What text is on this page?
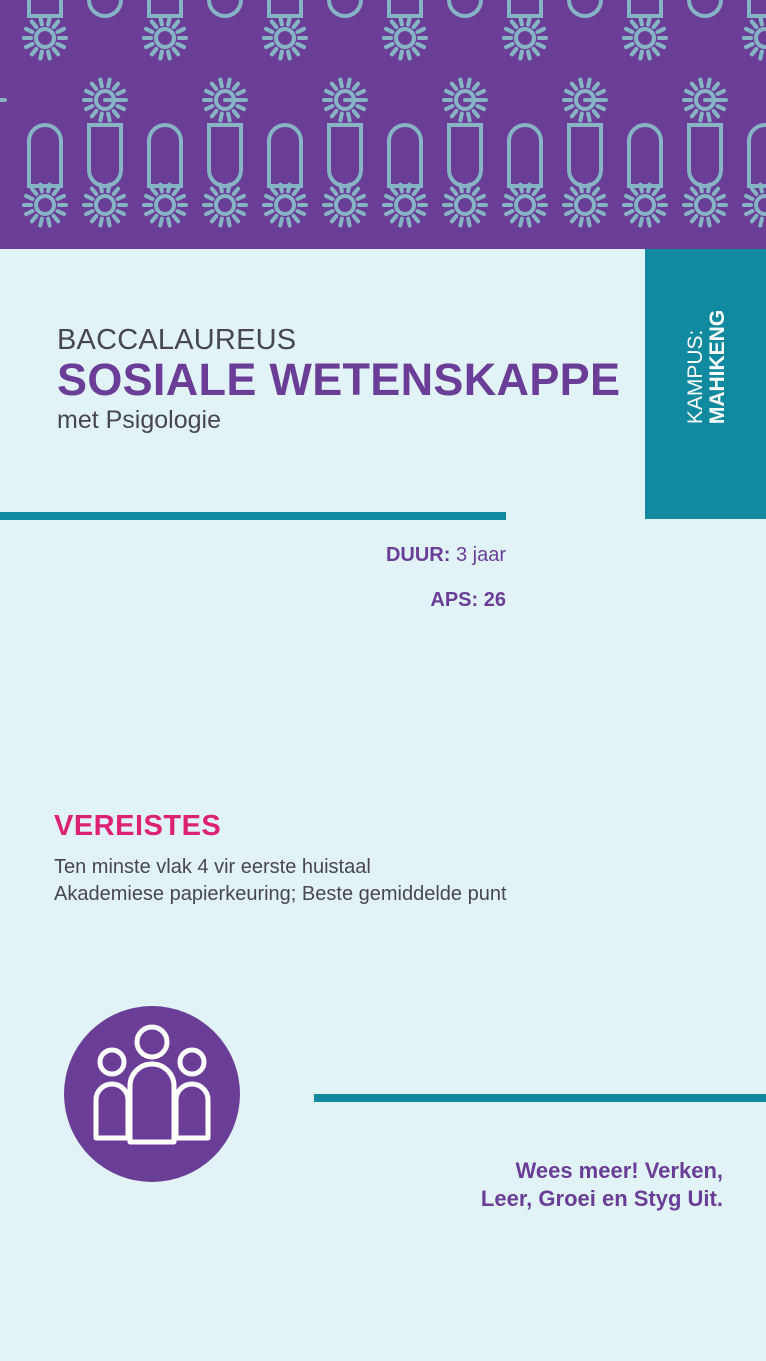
KAMPUS: MAHIKENG
BACCALAUREUS
SOSIALE WETENSKAPPE
met Psigologie
DUUR: 3 jaar
APS: 26
VEREISTES
Ten minste vlak 4 vir eerste huistaal
Akademiese papierkeuring; Beste gemiddelde punt
Wees meer! Verken,
Leer, Groei en Styg Uit.
